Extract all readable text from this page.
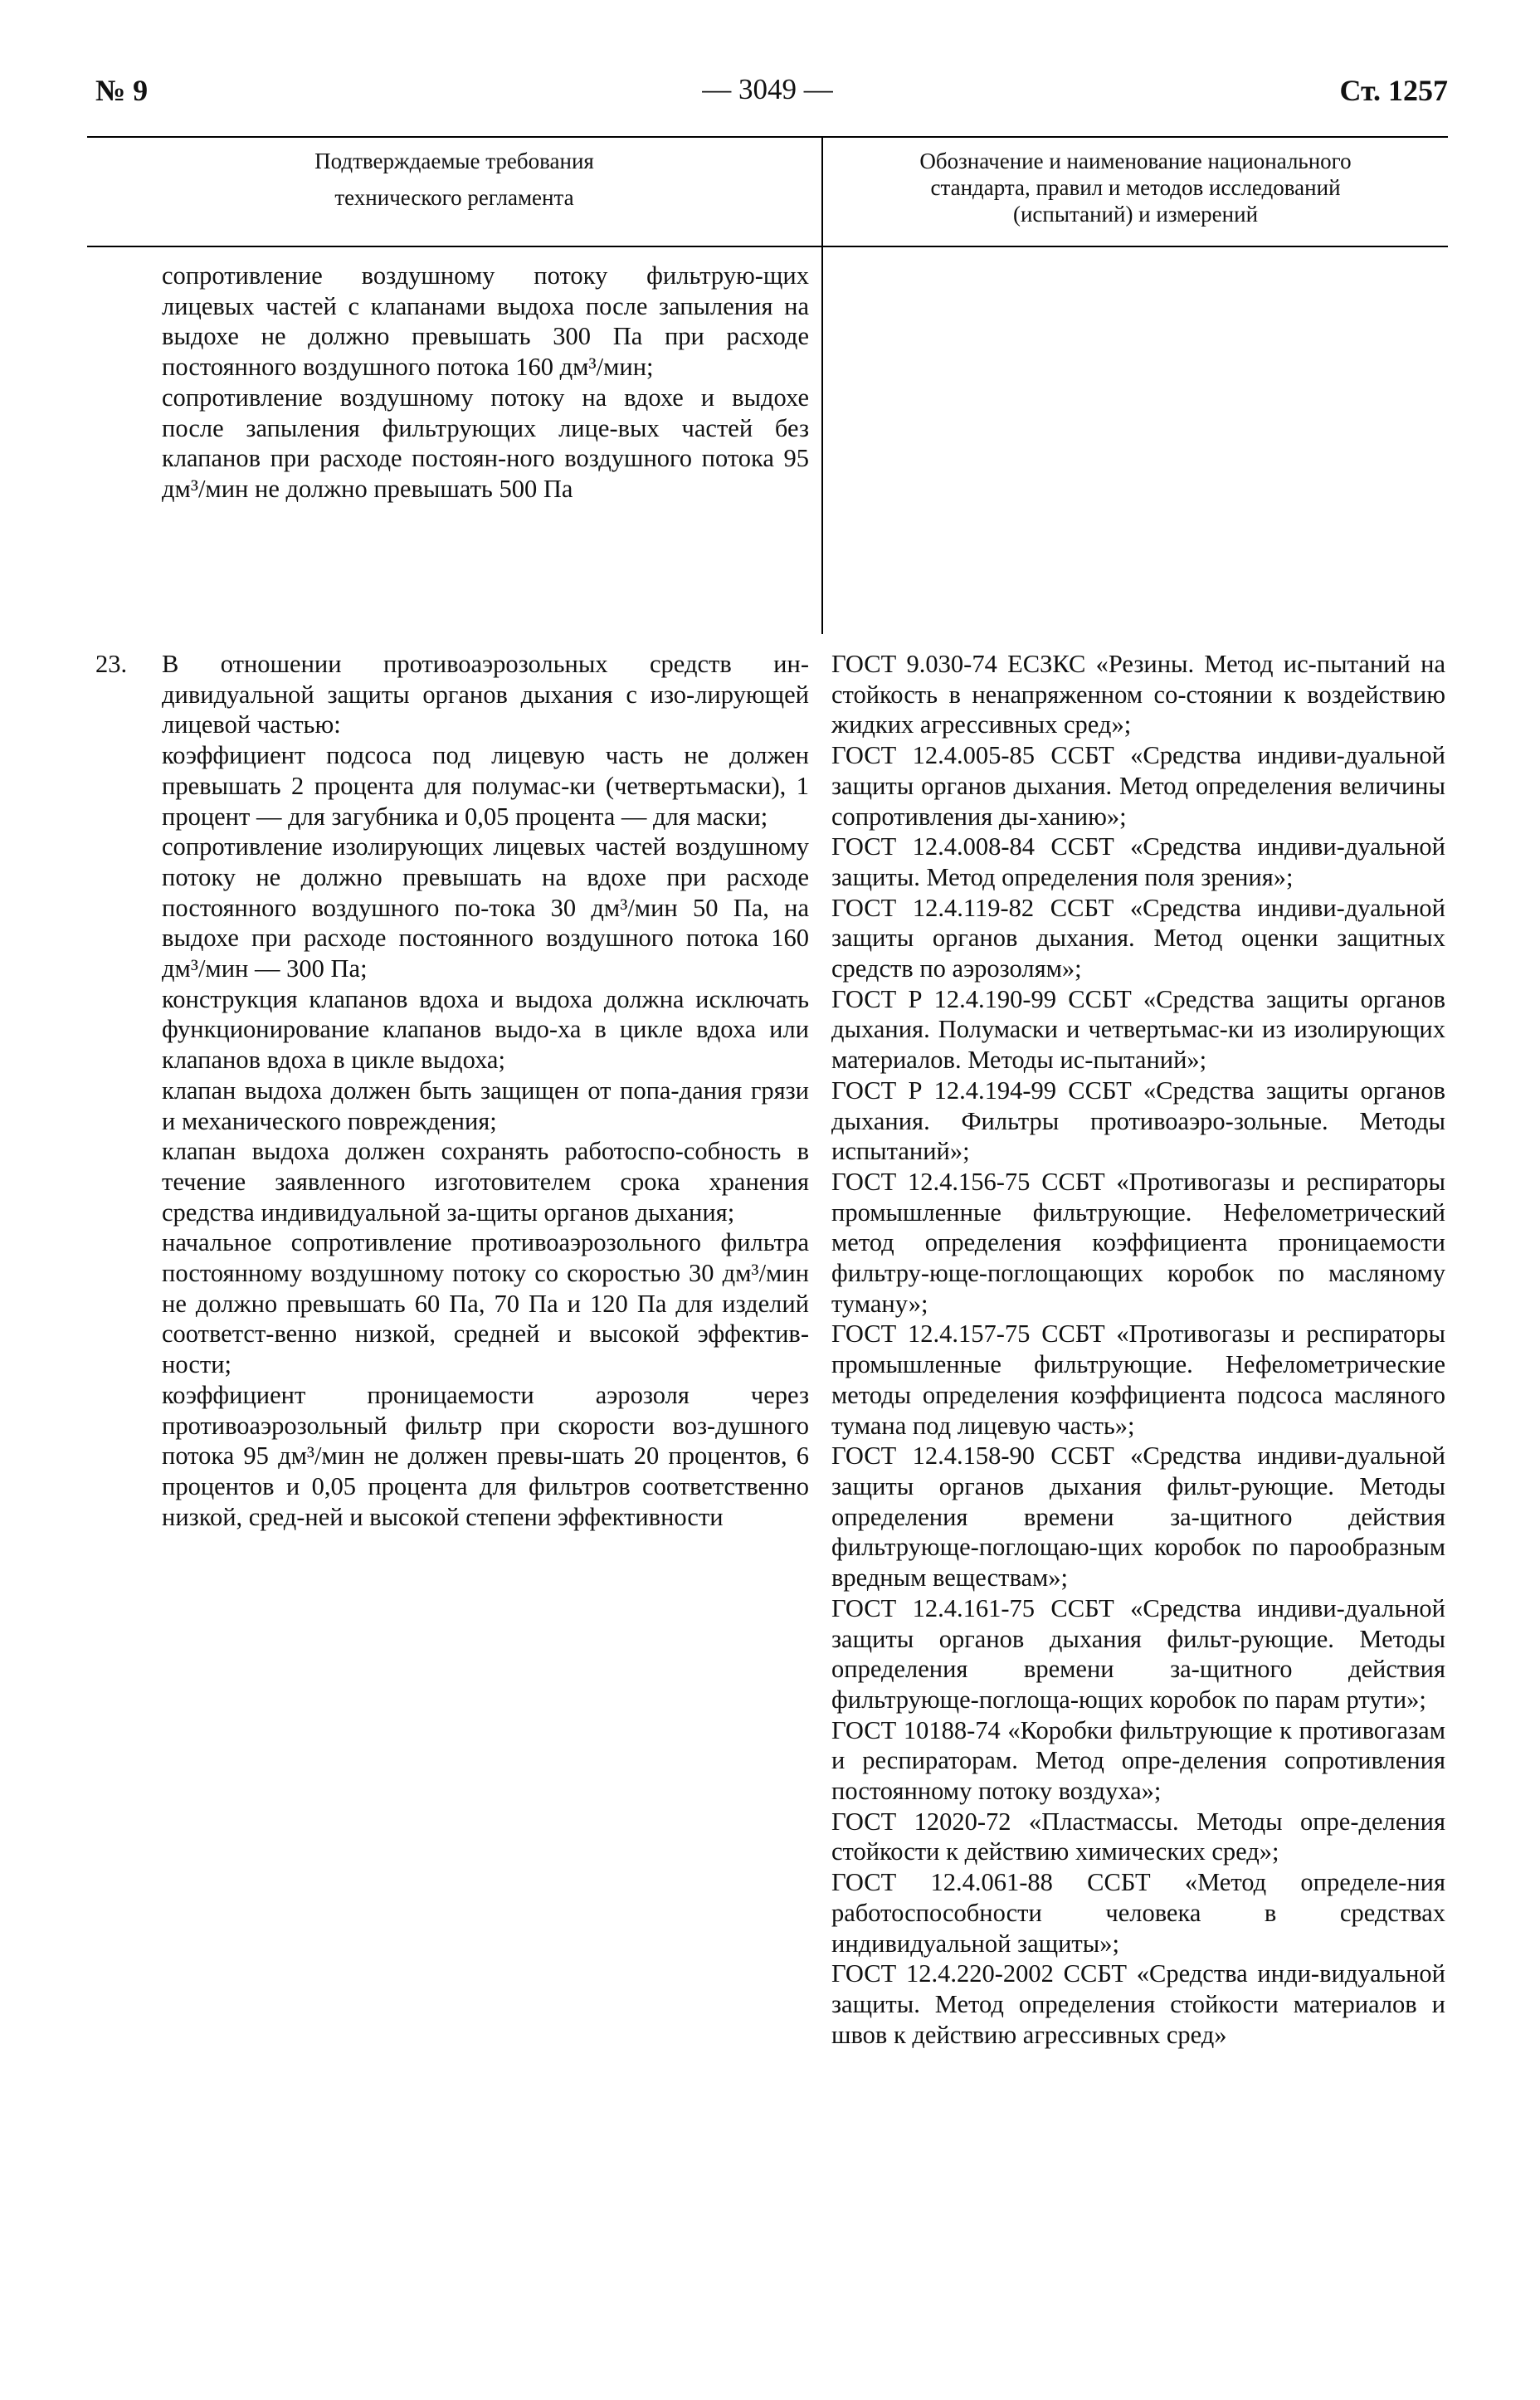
№ 9	— 3049 —	Ст. 1257

Подтверждаемые требования

технического регламента

Обозначение и наименование национального

стандарта, правил и методов исследований

(испытаний) и измерений

сопротивление воздушному потоку фильтрую-щих лицевых частей с клапанами выдоха после запыления на выдохе не должно превышать 300 Па при расходе постоянного воздушного потока 160 дм³/мин;

сопротивление воздушному потоку на вдохе и выдохе после запыления фильтрующих лице-вых частей без клапанов при расходе постоян-ного воздушного потока 95 дм³/мин не должно превышать 500 Па

23. В отношении противоаэрозольных средств ин-дивидуальной защиты органов дыхания с изо-лирующей лицевой частью:

коэффициент подсоса под лицевую часть не должен превышать 2 процента для полумас-ки (четвертьмаски), 1 процент — для загубника и 0,05 процента — для маски;

сопротивление изолирующих лицевых частей воздушному потоку не должно превышать на вдохе при расходе постоянного воздушного по-тока 30 дм³/мин 50 Па, на выдохе при расходе постоянного воздушного потока 160 дм³/мин — 300 Па;

конструкция клапанов вдоха и выдоха должна исключать функционирование клапанов выдо-ха в цикле вдоха или клапанов вдоха в цикле выдоха;

клапан выдоха должен быть защищен от попа-дания грязи и механического повреждения;

клапан выдоха должен сохранять работоспо-собность в течение заявленного изготовителем срока хранения средства индивидуальной за-щиты органов дыхания;

начальное сопротивление противоаэрозольного фильтра постоянному воздушному потоку со скоростью 30 дм³/мин не должно превышать 60 Па, 70 Па и 120 Па для изделий соответст-венно низкой, средней и высокой эффектив-ности;

коэффициент проницаемости аэрозоля через противоаэрозольный фильтр при скорости воз-душного потока 95 дм³/мин не должен превы-шать 20 процентов, 6 процентов и 0,05 процента для фильтров соответственно низкой, сред-ней и высокой степени эффективности

ГОСТ 9.030-74 ЕСЗКС «Резины. Метод ис-пытаний на стойкость в ненапряженном со-стоянии к воздействию жидких агрессивных сред»;

ГОСТ 12.4.005-85 ССБТ «Средства индиви-дуальной защиты органов дыхания. Метод определения величины сопротивления ды-ханию»;

ГОСТ 12.4.008-84 ССБТ «Средства индиви-дуальной защиты. Метод определения поля зрения»;

ГОСТ 12.4.119-82 ССБТ «Средства индиви-дуальной защиты органов дыхания. Метод оценки защитных средств по аэрозолям»;

ГОСТ Р 12.4.190-99 ССБТ «Средства защиты органов дыхания. Полумаски и четвертьмас-ки из изолирующих материалов. Методы ис-пытаний»;

ГОСТ Р 12.4.194-99 ССБТ «Средства защиты органов дыхания. Фильтры противоаэро-зольные. Методы испытаний»;

ГОСТ 12.4.156-75 ССБТ «Противогазы и респираторы промышленные фильтрующие. Нефелометрический метод определения коэффициента проницаемости фильтру-юще-поглощающих коробок по масляному туману»;

ГОСТ 12.4.157-75 ССБТ «Противогазы и респираторы промышленные фильтрующие. Нефелометрические методы определения коэффициента подсоса масляного тумана под лицевую часть»;

ГОСТ 12.4.158-90 ССБТ «Средства индиви-дуальной защиты органов дыхания фильт-рующие. Методы определения времени за-щитного действия фильтрующе-поглощаю-щих коробок по парообразным вредным веществам»;

ГОСТ 12.4.161-75 ССБТ «Средства индиви-дуальной защиты органов дыхания фильт-рующие. Методы определения времени за-щитного действия фильтрующе-поглоща-ющих коробок по парам ртути»;

ГОСТ 10188-74 «Коробки фильтрующие к противогазам и респираторам. Метод опре-деления сопротивления постоянному потоку воздуха»;

ГОСТ 12020-72 «Пластмассы. Методы опре-деления стойкости к действию химических сред»;

ГОСТ 12.4.061-88 ССБТ «Метод определе-ния работоспособности человека в средствах индивидуальной защиты»;

ГОСТ 12.4.220-2002 ССБТ «Средства инди-видуальной защиты. Метод определения стойкости материалов и швов к действию агрессивных сред»
